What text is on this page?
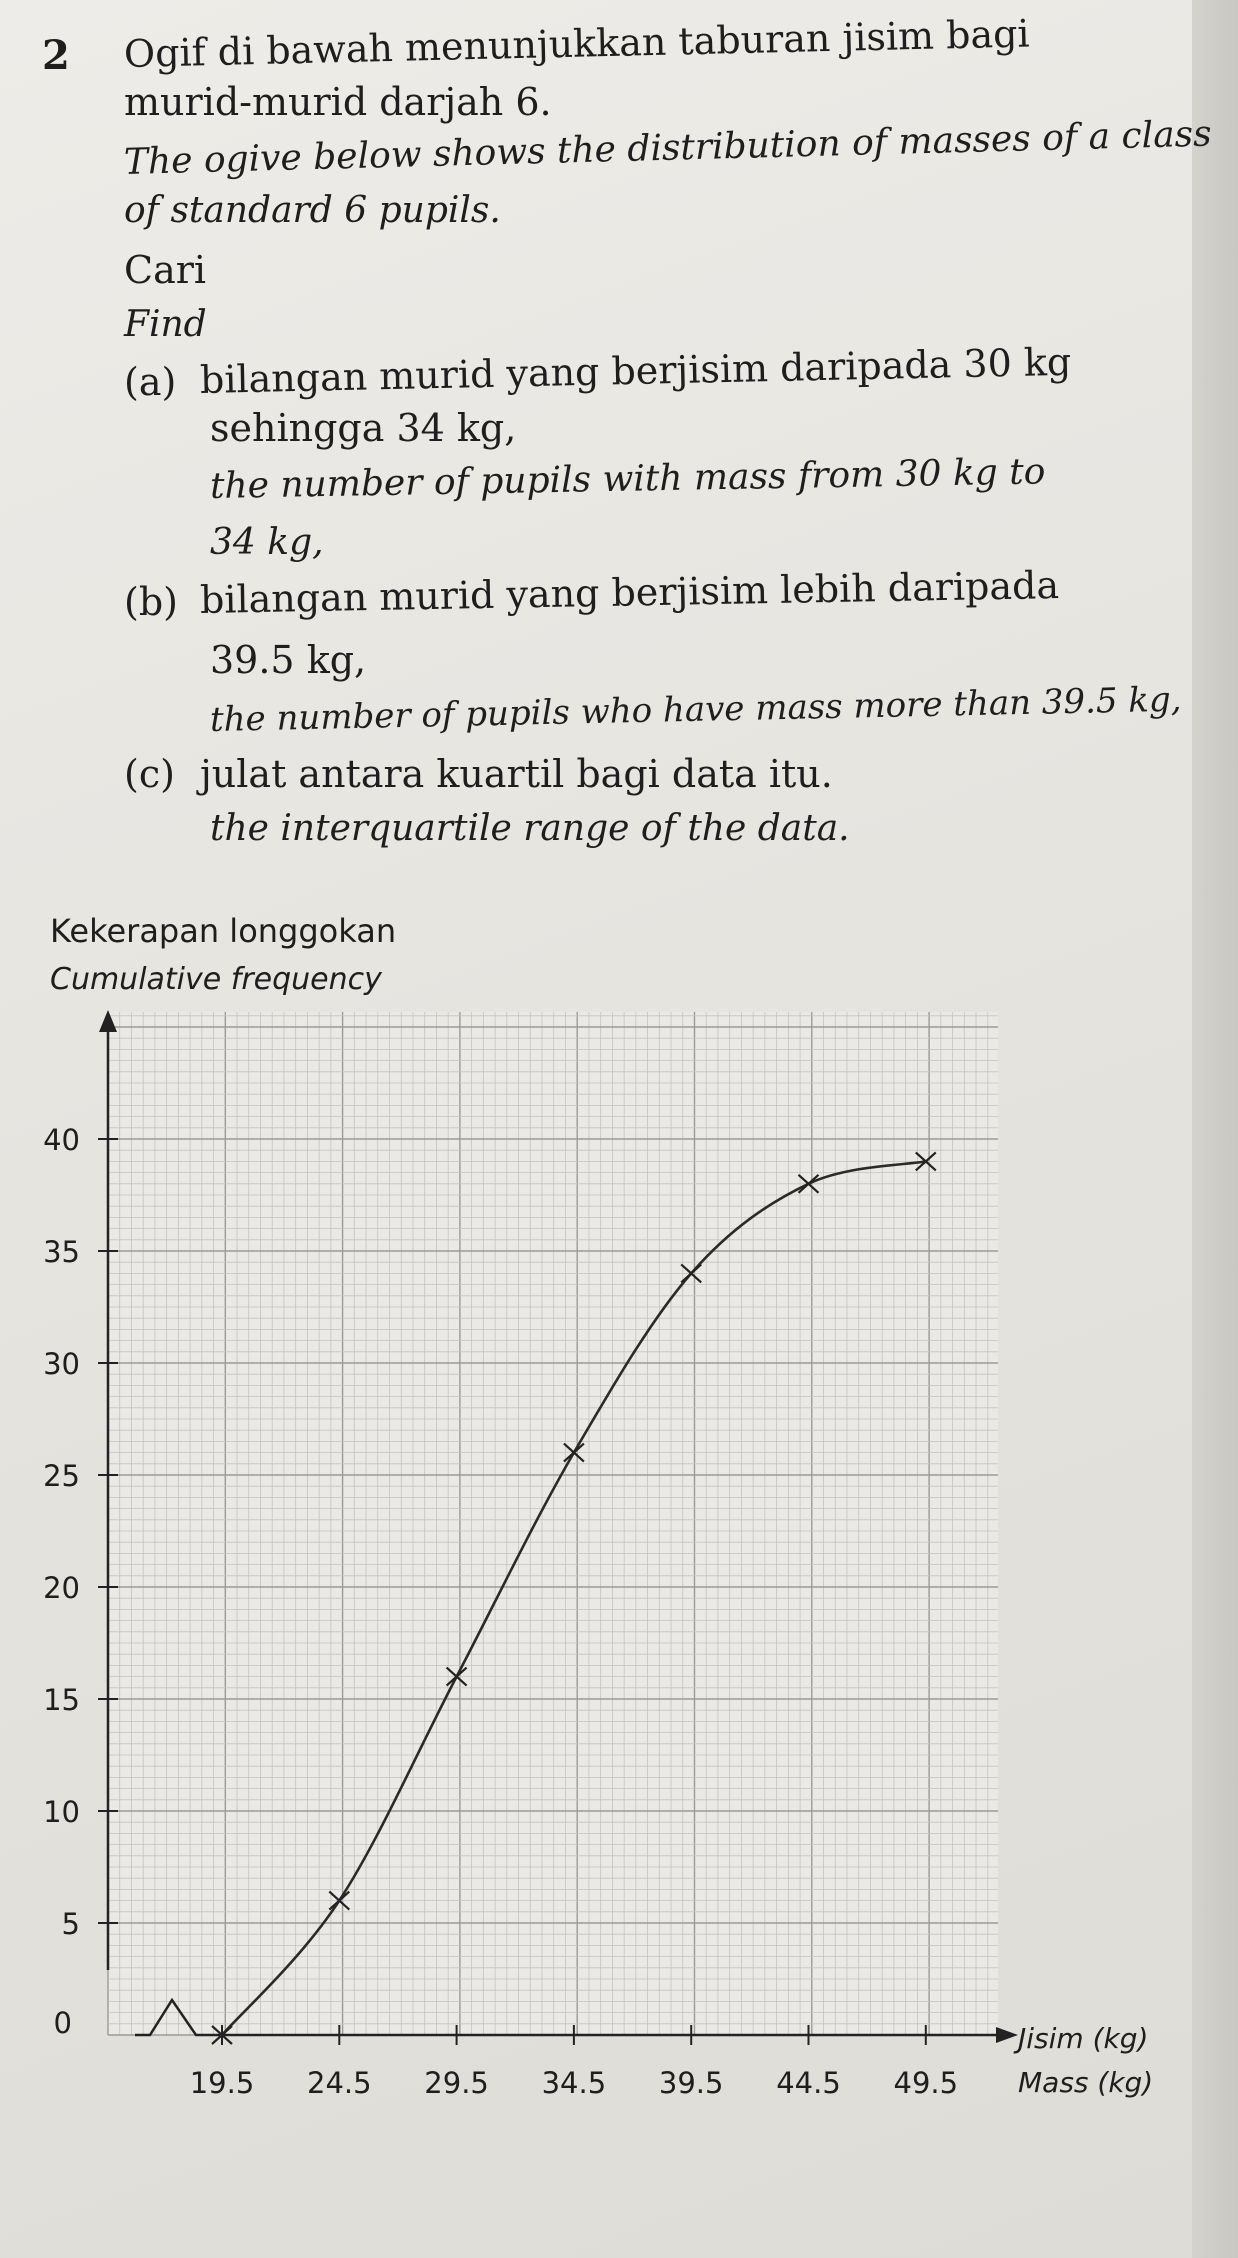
2 Ogif di bawah menunjukkan taburan jisim bagi
murid-murid darjah 6.
The ogive below shows the distribution of masses of a class
of standard 6 pupils.
Cari
Find
(a) bilangan murid yang berjisim daripada 30 kg
sehingga 34 kg,
the number of pupils with mass from 30 kg to
34 kg,
(b) bilangan murid yang berjisim lebih daripada
39.5 kg,
the number of pupils who have mass more than 39.5 kg,
(c) julat antara kuartil bagi data itu.
the interquartile range of the data.
Kekerapan longgokan
Cumulative frequency
0
5
10
15
20
25
30
35
40
19.5 24.5 29.5 34.5 39.5 44.5 49.5
Jisim (kg)
Mass (kg)
